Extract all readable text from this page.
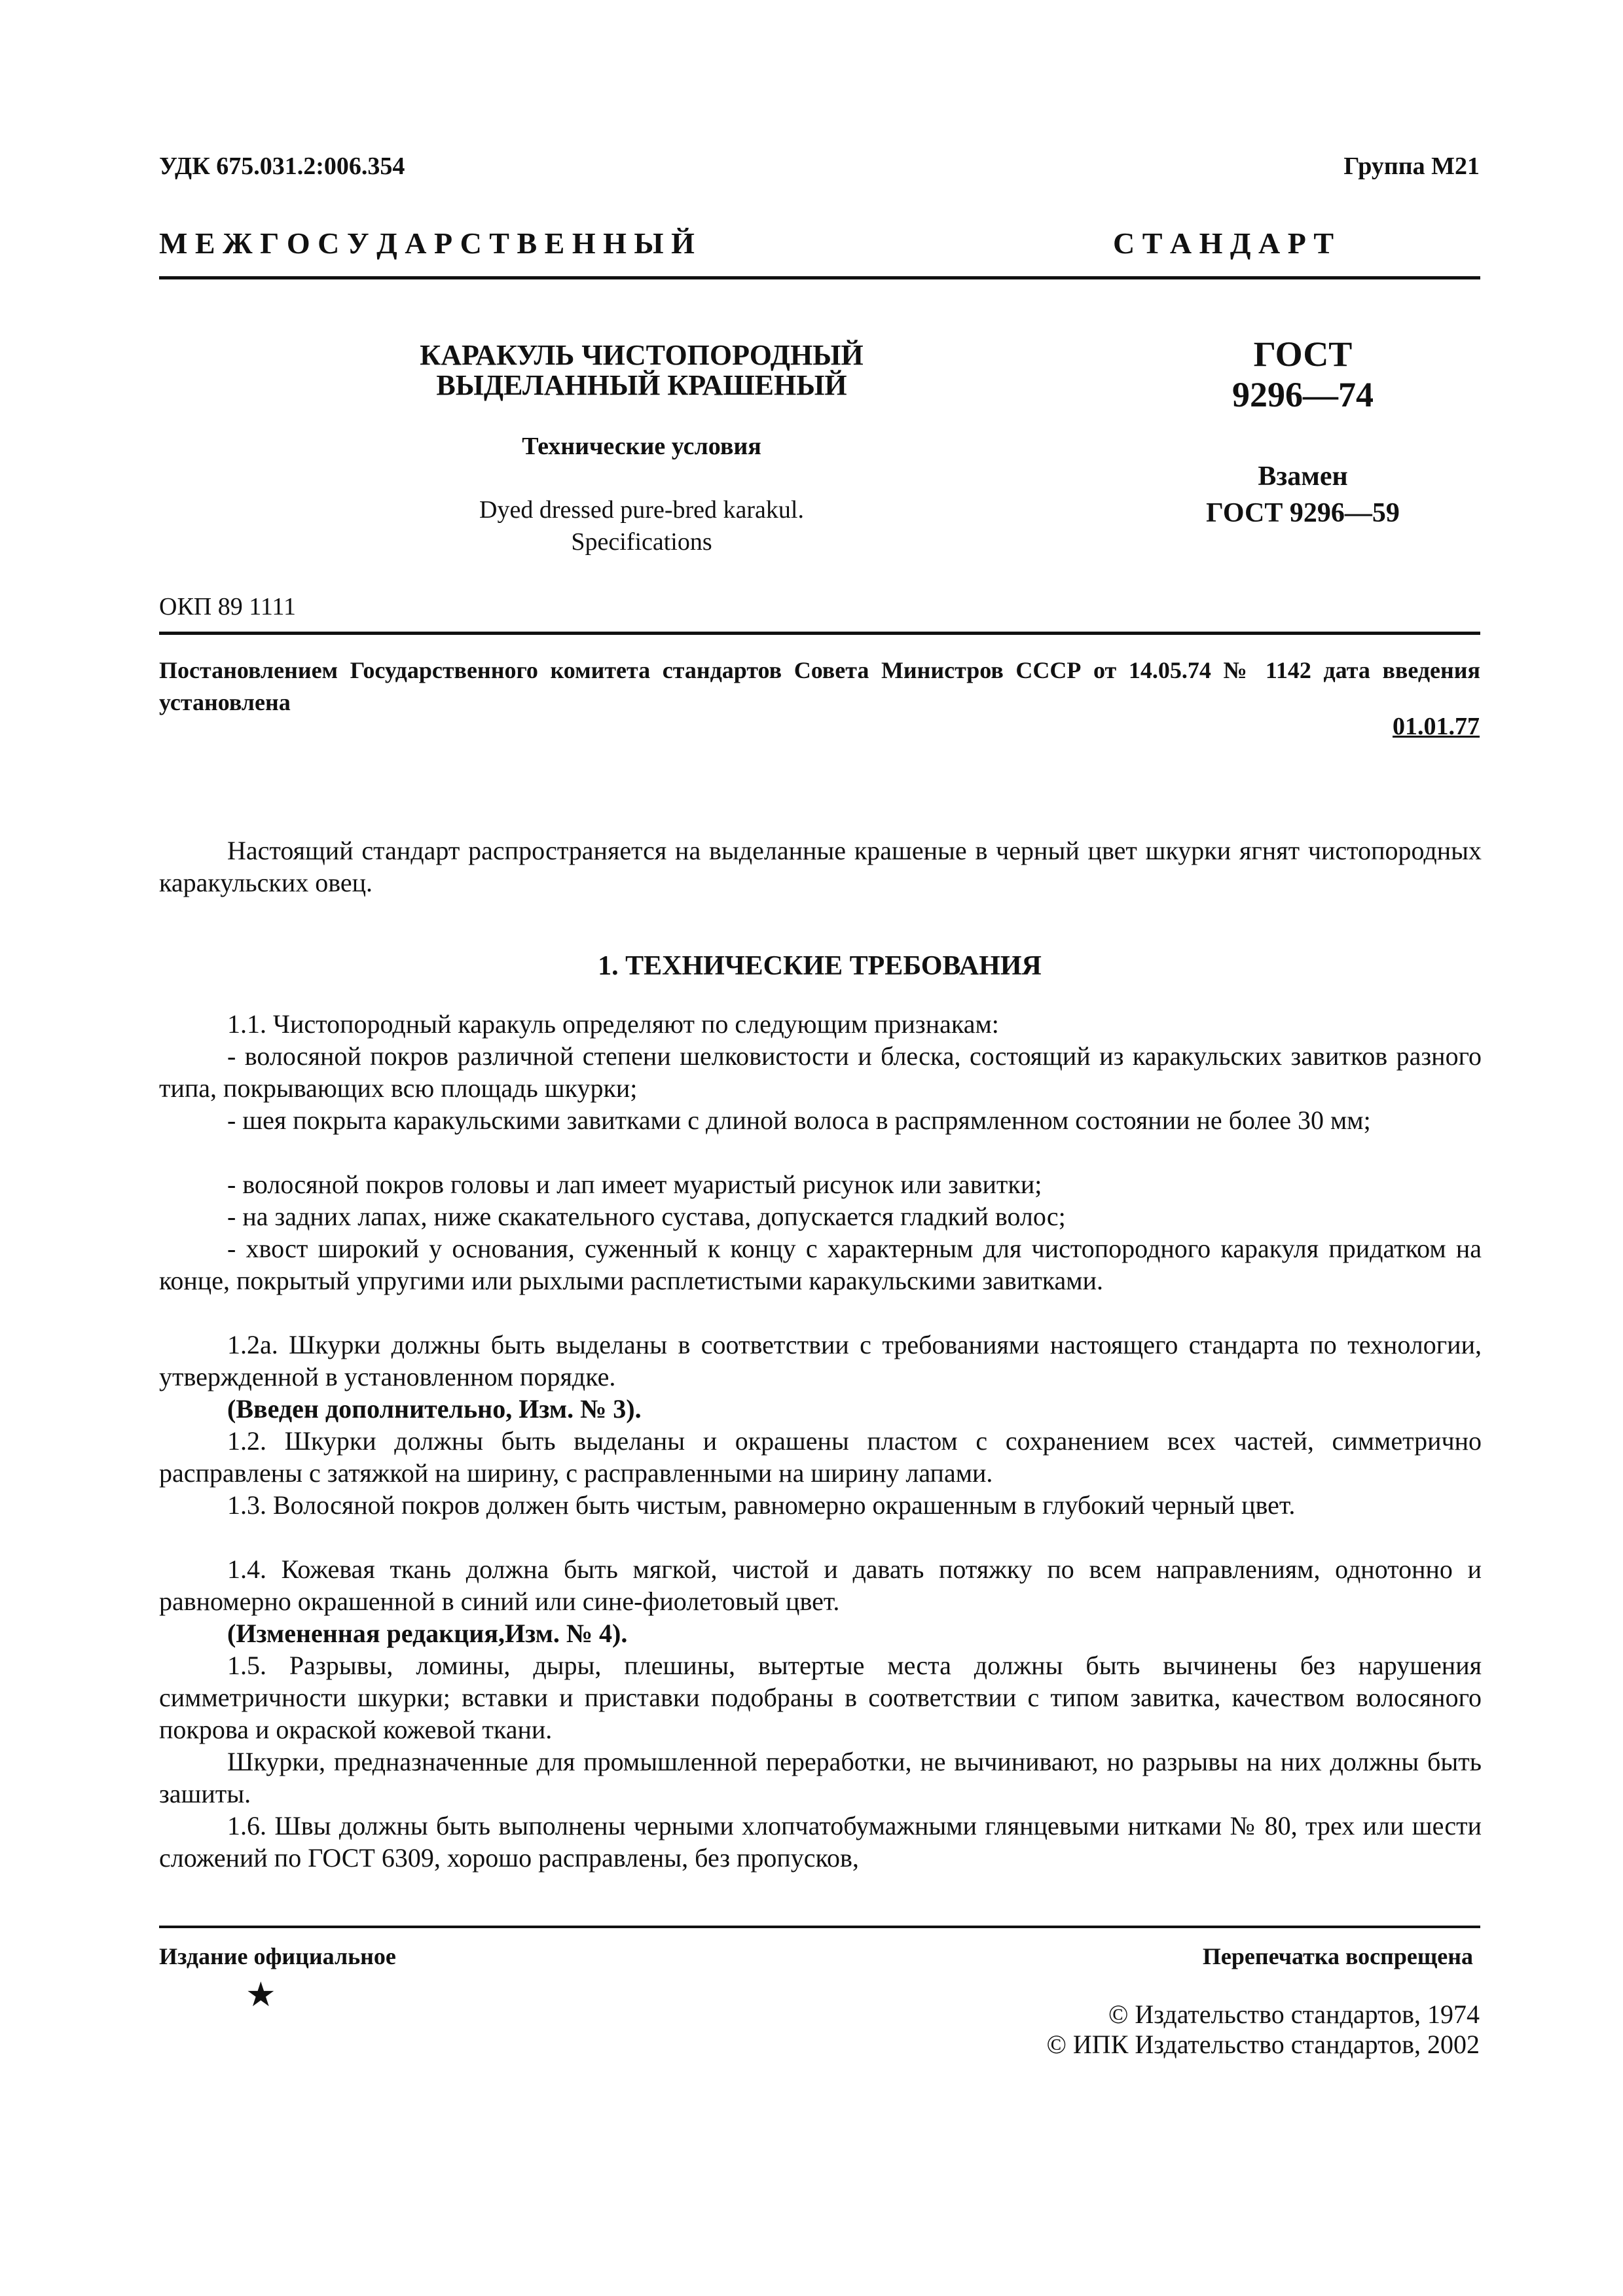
УДК 675.031.2:006.354	Группа М21
М Е Ж Г О С У Д А Р С Т В Е Н Н Ы Й	С Т А Н Д А Р Т
КАРАКУЛЬ ЧИСТОПОРОДНЫЙ
ВЫДЕЛАННЫЙ КРАШЕНЫЙ
Технические условия
Dyed dressed pure-bred karakul.
Specifications
ГОСТ
9296—74
Взамен
ГОСТ 9296—59
ОКП 89 1111
Постановлением Государственного комитета стандартов Совета Министров СССР от 14.05.74 № 1142 дата введения установлена
01.01.77
Настоящий стандарт распространяется на выделанные крашеные в черный цвет шкурки ягнят чистопородных каракульских овец.
1. ТЕХНИЧЕСКИЕ ТРЕБОВАНИЯ
1.1. Чистопородный каракуль определяют по следующим признакам:
- волосяной покров различной степени шелковистости и блеска, состоящий из каракульских завитков разного типа, покрывающих всю площадь шкурки;
- шея покрыта каракульскими завитками с длиной волоса в распрямленном состоянии не более 30 мм;
- волосяной покров головы и лап имеет муаристый рисунок или завитки;
- на задних лапах, ниже скакательного сустава, допускается гладкий волос;
- хвост широкий у основания, суженный к концу с характерным для чистопородного каракуля придатком на конце, покрытый упругими или рыхлыми расплетистыми каракульскими завитками.
1.2а. Шкурки должны быть выделаны в соответствии с требованиями настоящего стандарта по технологии, утвержденной в установленном порядке.
(Введен дополнительно, Изм. № 3).
1.2. Шкурки должны быть выделаны и окрашены пластом с сохранением всех частей, симметрично расправлены с затяжкой на ширину, с расправленными на ширину лапами.
1.3. Волосяной покров должен быть чистым, равномерно окрашенным в глубокий черный цвет.
1.4. Кожевая ткань должна быть мягкой, чистой и давать потяжку по всем направлениям, однотонно и равномерно окрашенной в синий или сине-фиолетовый цвет.
(Измененная редакция,Изм. № 4).
1.5. Разрывы, ломины, дыры, плешины, вытертые места должны быть вычинены без нарушения симметричности шкурки; вставки и приставки подобраны в соответствии с типом завитка, качеством волосяного покрова и окраской кожевой ткани.
Шкурки, предназначенные для промышленной переработки, не вычинивают, но разрывы на них должны быть зашиты.
1.6. Швы должны быть выполнены черными хлопчатобумажными глянцевыми нитками № 80, трех или шести сложений по ГОСТ 6309, хорошо расправлены, без пропусков,
Издание официальное	Перепечатка воспрещена
★
© Издательство стандартов, 1974
© ИПК Издательство стандартов, 2002
